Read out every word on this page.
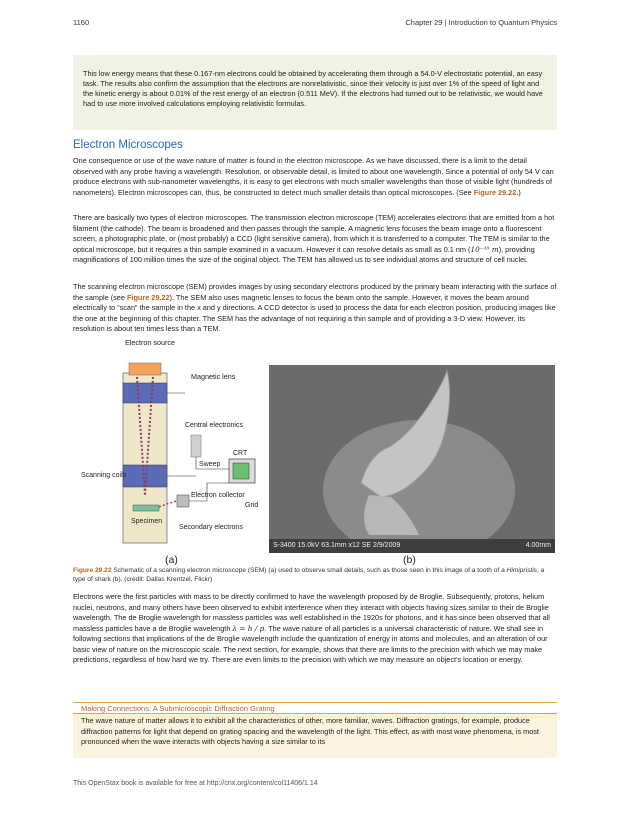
1160	Chapter 29 | Introduction to Quantum Physics
This low energy means that these 0.167-nm electrons could be obtained by accelerating them through a 54.0-V electrostatic potential, an easy task. The results also confirm the assumption that the electrons are nonrelativistic, since their velocity is just over 1% of the speed of light and the kinetic energy is about 0.01% of the rest energy of an electron (0.511 MeV). If the electrons had turned out to be relativistic, we would have had to use more involved calculations employing relativistic formulas.
Electron Microscopes

One consequence or use of the wave nature of matter is found in the electron microscope. As we have discussed, there is a limit to the detail observed with any probe having a wavelength. Resolution, or observable detail, is limited to about one wavelength. Since a potential of only 54 V can produce electrons with sub-nanometer wavelengths, it is easy to get electrons with much smaller wavelengths than those of visible light (hundreds of nanometers). Electron microscopes can, thus, be constructed to detect much smaller details than optical microscopes. (See Figure 29.22.)

There are basically two types of electron microscopes. The transmission electron microscope (TEM) accelerates electrons that are emitted from a hot filament (the cathode). The beam is broadened and then passes through the sample. A magnetic lens focuses the beam image onto a fluorescent screen, a photographic plate, or (most probably) a CCD (light sensitive camera), from which it is transferred to a computer. The TEM is similar to the optical microscope, but it requires a thin sample examined in a vacuum. However it can resolve details as small as 0.1 nm (10⁻¹⁰ m), providing magnifications of 100 million times the size of the original object. The TEM has allowed us to see individual atoms and structure of cell nuclei.

The scanning electron microscope (SEM) provides images by using secondary electrons produced by the primary beam interacting with the surface of the sample (see Figure 29.22). The SEM also uses magnetic lenses to focus the beam onto the sample. However, it moves the beam around electrically to “scan” the sample in the x and y directions. A CCD detector is used to process the data for each electron position, producing images like the one at the beginning of this chapter. The SEM has the advantage of not requiring a thin sample and of providing a 3-D view. However, its resolution is about ten times less than a TEM.

Electron source
Magnetic lens
Central electronics
CRT
Sweep
Scanning coils
Electron collector
Grid
Specimen
Secondary electrons
S-3400 15.0kV 63.1mm x12 SE 2/9/2009	4.00mm
(a)	(b)
Figure 29.22 Schematic of a scanning electron microscope (SEM) (a) used to observe small details, such as those seen in this image of a tooth of a Himipristis, a type of shark (b). (credit: Dallas Krentzel, Flickr)

Electrons were the first particles with mass to be directly confirmed to have the wavelength proposed by de Broglie. Subsequently, protons, helium nuclei, neutrons, and many others have been observed to exhibit interference when they interact with objects having sizes similar to their de Broglie wavelength. The de Broglie wavelength for massless particles was well established in the 1920s for photons, and it has since been observed that all massless particles have a de Broglie wavelength λ = h / p. The wave nature of all particles is a universal characteristic of nature. We shall see in following sections that implications of the de Broglie wavelength include the quantization of energy in atoms and molecules, and an alteration of our basic view of nature on the microscopic scale. The next section, for example, shows that there are limits to the precision with which we may make predictions, regardless of how hard we try. There are even limits to the precision with which we may measure an object’s location or energy.

Making Connections: A Submicroscopic Diffraction Grating
The wave nature of matter allows it to exhibit all the characteristics of other, more familiar, waves. Diffraction gratings, for example, produce diffraction patterns for light that depend on grating spacing and the wavelength of the light. This effect, as with most wave phenomena, is most pronounced when the wave interacts with objects having a size similar to its
This OpenStax book is available for free at http://cnx.org/content/col11406/1.14
